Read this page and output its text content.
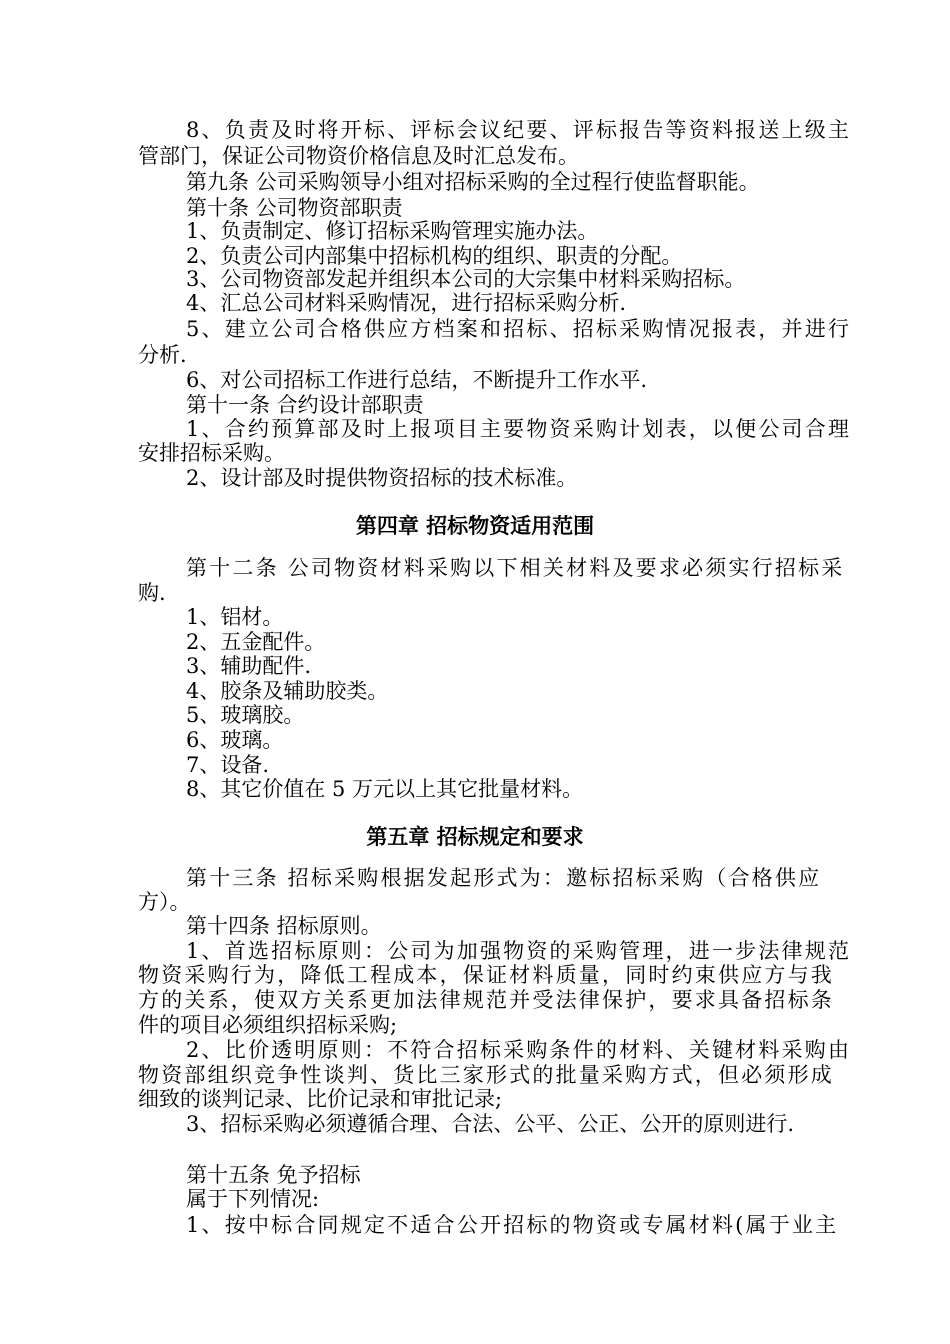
8、负责及时将开标、评标会议纪要、评标报告等资料报送上级主
管部门，保证公司物资价格信息及时汇总发布。
第九条 公司采购领导小组对招标采购的全过程行使监督职能。
第十条 公司物资部职责
1、负责制定、修订招标采购管理实施办法。
2、负责公司内部集中招标机构的组织、职责的分配。
3、公司物资部发起并组织本公司的大宗集中材料采购招标。
4、汇总公司材料采购情况，进行招标采购分析.
5、建立公司合格供应方档案和招标、招标采购情况报表，并进行
分析.
6、对公司招标工作进行总结，不断提升工作水平.
第十一条 合约设计部职责
1、合约预算部及时上报项目主要物资采购计划表，以便公司合理
安排招标采购。
2、设计部及时提供物资招标的技术标准。
第四章 招标物资适用范围
第十二条 公司物资材料采购以下相关材料及要求必须实行招标采
购.
1、铝材。
2、五金配件。
3、辅助配件.
4、胶条及辅助胶类。
5、玻璃胶。
6、玻璃。
7、设备.
8、其它价值在 5 万元以上其它批量材料。
第五章 招标规定和要求
第十三条 招标采购根据发起形式为：邀标招标采购（合格供应
方）。
第十四条 招标原则。
1、首选招标原则：公司为加强物资的采购管理，进一步法律规范
物资采购行为，降低工程成本，保证材料质量，同时约束供应方与我
方的关系，使双方关系更加法律规范并受法律保护，要求具备招标条
件的项目必须组织招标采购;
2、比价透明原则：不符合招标采购条件的材料、关键材料采购由
物资部组织竞争性谈判、货比三家形式的批量采购方式，但必须形成
细致的谈判记录、比价记录和审批记录;
3、招标采购必须遵循合理、合法、公平、公正、公开的原则进行.
第十五条 免予招标
属于下列情况:
1、按中标合同规定不适合公开招标的物资或专属材料(属于业主
